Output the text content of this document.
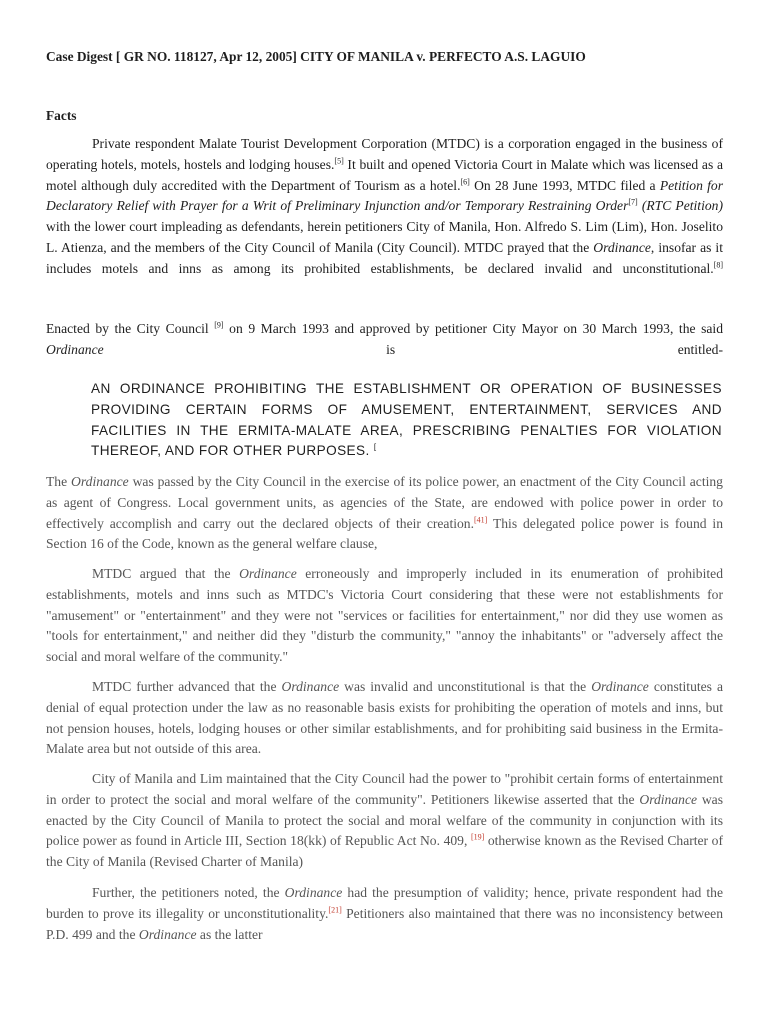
Case Digest [ GR NO. 118127, Apr 12, 2005] CITY OF MANILA v. PERFECTO A.S. LAGUIO

Facts

Private respondent Malate Tourist Development Corporation (MTDC) is a corporation engaged in the business of operating hotels, motels, hostels and lodging houses.[5] It built and opened Victoria Court in Malate which was licensed as a motel although duly accredited with the Department of Tourism as a hotel.[6] On 28 June 1993, MTDC filed a Petition for Declaratory Relief with Prayer for a Writ of Preliminary Injunction and/or Temporary Restraining Order[7] (RTC Petition) with the lower court impleading as defendants, herein petitioners City of Manila, Hon. Alfredo S. Lim (Lim), Hon. Joselito L. Atienza, and the members of the City Council of Manila (City Council). MTDC prayed that the Ordinance, insofar as it includes motels and inns as among its prohibited establishments, be declared invalid and unconstitutional.[8]

Enacted by the City Council [9] on 9 March 1993 and approved by petitioner City Mayor on 30 March 1993, the said Ordinance is entitled-

AN ORDINANCE PROHIBITING THE ESTABLISHMENT OR OPERATION OF BUSINESSES PROVIDING CERTAIN FORMS OF AMUSEMENT, ENTERTAINMENT, SERVICES AND FACILITIES IN THE ERMITA-MALATE AREA, PRESCRIBING PENALTIES FOR VIOLATION THEREOF, AND FOR OTHER PURPOSES. [

The Ordinance was passed by the City Council in the exercise of its police power, an enactment of the City Council acting as agent of Congress. Local government units, as agencies of the State, are endowed with police power in order to effectively accomplish and carry out the declared objects of their creation.[41] This delegated police power is found in Section 16 of the Code, known as the general welfare clause,

MTDC argued that the Ordinance erroneously and improperly included in its enumeration of prohibited establishments, motels and inns such as MTDC's Victoria Court considering that these were not establishments for "amusement" or "entertainment" and they were not "services or facilities for entertainment," nor did they use women as "tools for entertainment," and neither did they "disturb the community," "annoy the inhabitants" or "adversely affect the social and moral welfare of the community."

MTDC further advanced that the Ordinance was invalid and unconstitutional is that the Ordinance constitutes a denial of equal protection under the law as no reasonable basis exists for prohibiting the operation of motels and inns, but not pension houses, hotels, lodging houses or other similar establishments, and for prohibiting said business in the Ermita-Malate area but not outside of this area.

City of Manila and Lim maintained that the City Council had the power to "prohibit certain forms of entertainment in order to protect the social and moral welfare of the community". Petitioners likewise asserted that the Ordinance was enacted by the City Council of Manila to protect the social and moral welfare of the community in conjunction with its police power as found in Article III, Section 18(kk) of Republic Act No. 409, [19] otherwise known as the Revised Charter of the City of Manila (Revised Charter of Manila)

Further, the petitioners noted, the Ordinance had the presumption of validity; hence, private respondent had the burden to prove its illegality or unconstitutionality.[21] Petitioners also maintained that there was no inconsistency between P.D. 499 and the Ordinance as the latter
